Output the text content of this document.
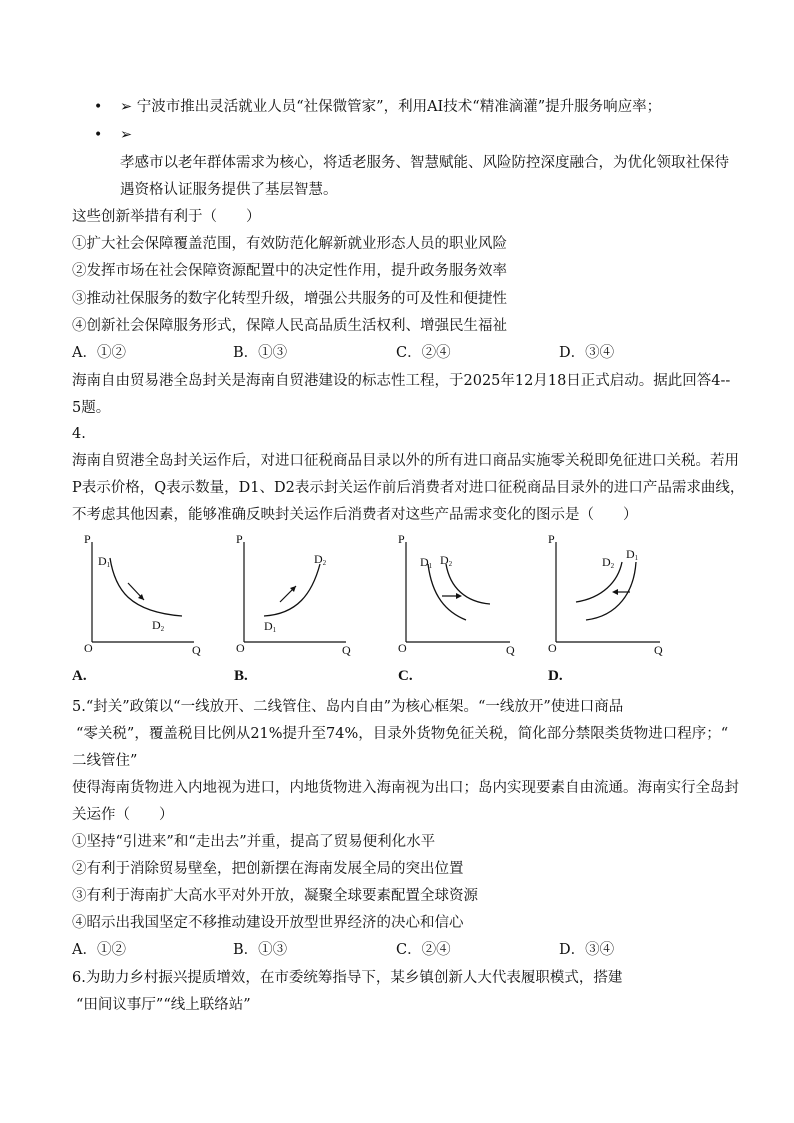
• ➢ 宁波市推出灵活就业人员“社保微管家”，利用AI技术“精准滴灌”提升服务响应率；
• ➢
孝感市以老年群体需求为核心，将适老服务、智慧赋能、风险防控深度融合，为优化领取社保待
遇资格认证服务提供了基层智慧。
这些创新举措有利于（　　）
①扩大社会保障覆盖范围，有效防范化解新就业形态人员的职业风险
②发挥市场在社会保障资源配置中的决定性作用，提升政务服务效率
③推动社保服务的数字化转型升级，增强公共服务的可及性和便捷性
④创新社会保障服务形式，保障人民高品质生活权利、增强民生福祉
A．①②	B．①③	C．②④	D．③④
海南自由贸易港全岛封关是海南自贸港建设的标志性工程，于2025年12月18日正式启动。据此回答4--
5题。
4.
海南自贸港全岛封关运作后，对进口征税商品目录以外的所有进口商品实施零关税即免征进口关税。若用
P表示价格，Q表示数量，D1、D2表示封关运作前后消费者对进口征税商品目录外的进口产品需求曲线，
不考虑其他因素，能够准确反映封关运作后消费者对这些产品需求变化的图示是（　　）
P
Q
O
D1
D2
A.
P
Q
O
D2
D1
B.
P
Q
O
D1 D2
C.
P
Q
O
D2
D1
D.
5.“封关”政策以“一线放开、二线管住、岛内自由”为核心框架。“一线放开”使进口商品
“零关税”，覆盖税目比例从21%提升至74%，目录外货物免征关税，简化部分禁限类货物进口程序；“
二线管住”
使得海南货物进入内地视为进口，内地货物进入海南视为出口；岛内实现要素自由流通。海南实行全岛封
关运作（　　）
①坚持“引进来”和“走出去”并重，提高了贸易便利化水平
②有利于消除贸易壁垒，把创新摆在海南发展全局的突出位置
③有利于海南扩大高水平对外开放，凝聚全球要素配置全球资源
④昭示出我国坚定不移推动建设开放型世界经济的决心和信心
A．①②	B．①③	C．②④	D．③④
6.为助力乡村振兴提质增效，在市委统筹指导下，某乡镇创新人大代表履职模式，搭建
“田间议事厅”“线上联络站”
